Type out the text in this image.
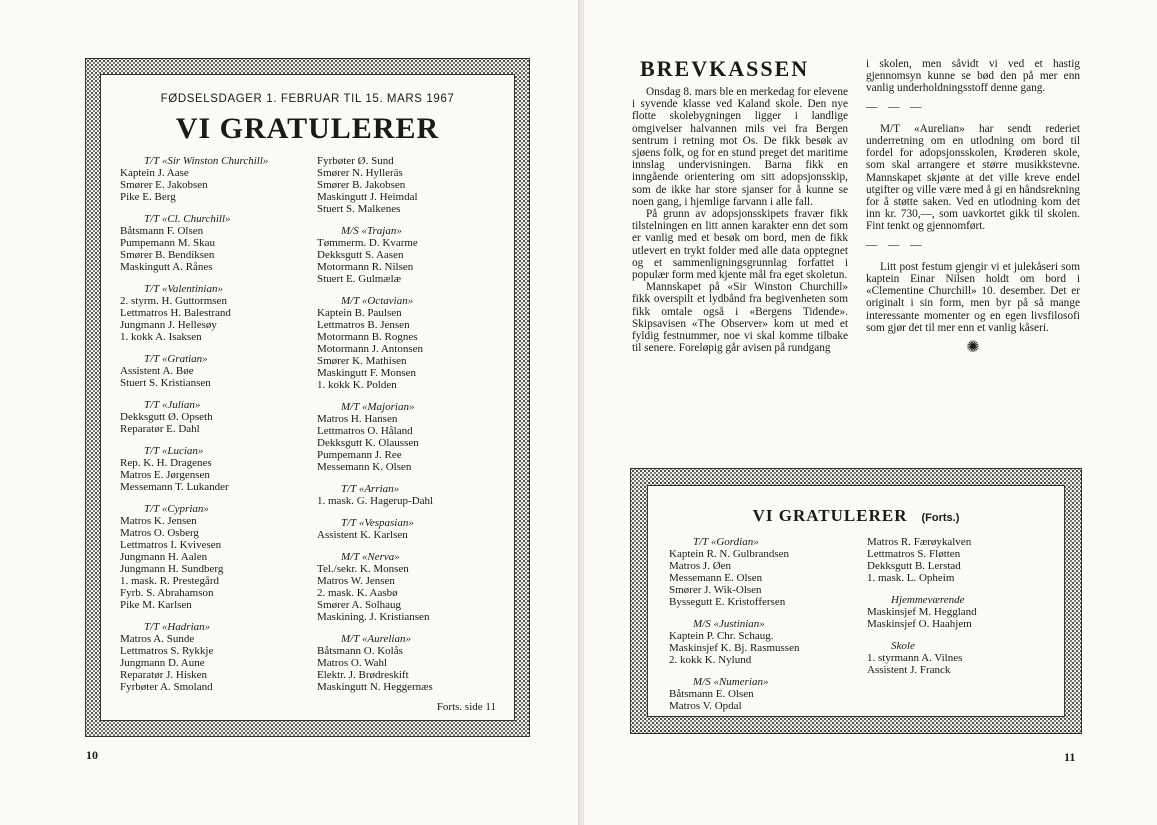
FØDSELSDAGER 1. FEBRUAR TIL 15. MARS 1967
VI GRATULERER
T/T «Sir Winston Churchill»
Kaptein J. Aase
Smører E. Jakobsen
Pike E. Berg
T/T «Cl. Churchill»
Båtsmann F. Olsen
Pumpemann M. Skau
Smører B. Bendiksen
Maskingutt A. Rånes
T/T «Valentinian»
2. styrm. H. Guttormsen
Lettmatros H. Balestrand
Jungmann J. Hellesøy
1. kokk A. Isaksen
T/T «Gratian»
Assistent A. Bøe
Stuert S. Kristiansen
T/T «Julian»
Dekksgutt Ø. Opseth
Reparatør E. Dahl
T/T «Lucian»
Rep. K. H. Dragenes
Matros E. Jørgensen
Messemann T. Lukander
T/T «Cyprian»
Matros K. Jensen
Matros O. Osberg
Lettmatros I. Kvivesen
Jungmann H. Aalen
Jungmann H. Sundberg
1. mask. R. Prestegård
Fyrb. S. Abrahamson
Pike M. Karlsen
T/T «Hadrian»
Matros A. Sunde
Lettmatros S. Rykkje
Jungmann D. Aune
Reparatør J. Hisken
Fyrbøter A. Smoland
Fyrbøter Ø. Sund
Smører N. Hylleräs
Smører B. Jakobsen
Maskingutt J. Heimdal
Stuert S. Malkenes
M/S «Trajan»
Tømmerm. D. Kvarme
Dekksgutt S. Aasen
Motormann R. Nilsen
Stuert E. Gulmælæ
M/T «Octavian»
Kaptein B. Paulsen
Lettmatros B. Jensen
Motormann B. Rognes
Motormann J. Antonsen
Smører K. Mathisen
Maskingutt F. Monsen
1. kokk K. Polden
M/T «Majorian»
Matros H. Hansen
Lettmatros O. Håland
Dekksgutt K. Olaussen
Pumpemann J. Ree
Messemann K. Olsen
T/T «Arrian»
1. mask. G. Hagerup-Dahl
T/T «Vespasian»
Assistent K. Karlsen
M/T «Nerva»
Tel./sekr. K. Monsen
Matros W. Jensen
2. mask. K. Aasbø
Smører A. Solhaug
Maskining. J. Kristiansen
M/T «Aurelian»
Båtsmann O. Kolås
Matros O. Wahl
Elektr. J. Brødreskift
Maskingutt N. Heggernæs
Forts. side 11
10
BREVKASSEN

Onsdag 8. mars ble en merkedag for elevene i syvende klasse ved Kaland skole. Den nye flotte skolebygningen ligger i landlige omgivelser halvannen mils vei fra Bergen sentrum i retning mot Os. De fikk besøk av sjøens folk, og for en stund preget det maritime innslag undervisningen. Barna fikk en inngående orientering om sitt adopsjonsskip, som de ikke har store sjanser for å kunne se noen gang, i hjemlige farvann i alle fall.

På grunn av adopsjonsskipets fravær fikk tilstelningen en litt annen karakter enn det som er vanlig med et besøk om bord, men de fikk utlevert en trykt folder med alle data opptegnet og et sammenligningsgrunnlag forfattet i populær form med kjente mål fra eget skoletun.

Mannskapet på «Sir Winston Churchill» fikk overspilt et lydbånd fra begivenheten som fikk omtale også i «Bergens Tidende». Skipsavisen «The Observer» kom ut med et fyldig festnummer, noe vi skal komme tilbake til senere. Foreløpig går avisen på rundgang

i skolen, men såvidt vi ved et hastig gjennomsyn kunne se bød den på mer enn vanlig underholdningsstoff denne gang.

— — —

M/T «Aurelian» har sendt rederiet underretning om en utlodning om bord til fordel for adopsjonsskolen, Krøderen skole, som skal arrangere et større musikkstevne. Mannskapet skjønte at det ville kreve endel utgifter og ville være med å gi en håndsrekning for å støtte saken. Ved en utlodning kom det inn kr. 730,—, som uavkortet gikk til skolen. Fint tenkt og gjennomført.

— — —

Litt post festum gjengir vi et julekåseri som kaptein Einar Nilsen holdt om bord i «Clementine Churchill» 10. desember. Det er originalt i sin form, men byr på så mange interessante momenter og en egen livsfilosofi som gjør det til mer enn et vanlig kåseri.

✺
VI GRATULERER (Forts.)
T/T «Gordian»
Kaptein R. N. Gulbrandsen
Matros J. Øen
Messemann E. Olsen
Smører J. Wik-Olsen
Byssegutt E. Kristoffersen
M/S «Justinian»
Kaptein P. Chr. Schaug.
Maskinsjef K. Bj. Rasmussen
2. kokk K. Nylund
M/S «Numerian»
Båtsmann E. Olsen
Matros V. Opdal
Matros R. Færøykalven
Lettmatros S. Fløtten
Dekksgutt B. Lerstad
1. mask. L. Opheim
Hjemmeværende
Maskinsjef M. Heggland
Maskinsjef O. Haahjem
Skole
1. styrmann A. Vilnes
Assistent J. Franck
11
